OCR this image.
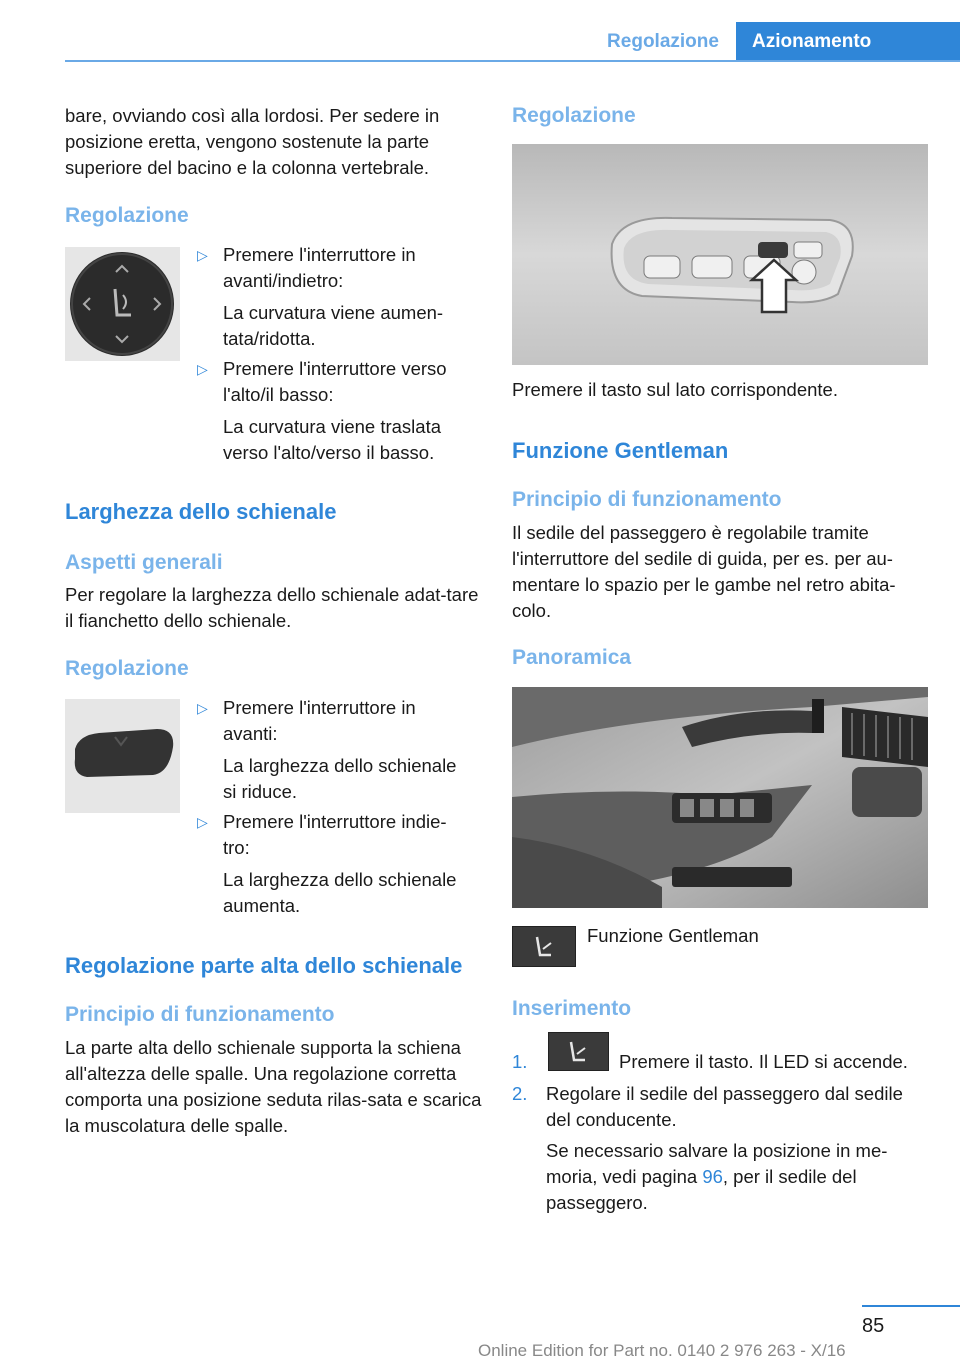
Regolazione	Azionamento
bare, ovviando così alla lordosi. Per sedere in posizione eretta, vengono sostenute la parte superiore del bacino e la colonna vertebrale.
Regolazione
▷ Premere l'interruttore in avanti/indietro:
La curvatura viene aumen‐tata/ridotta.
▷ Premere l'interruttore verso l'alto/il basso:
La curvatura viene traslata verso l'alto/verso il basso.
Larghezza dello schienale
Aspetti generali
Per regolare la larghezza dello schienale adat‐tare il fianchetto dello schienale.
Regolazione
▷ Premere l'interruttore in avanti:
La larghezza dello schienale si riduce.
▷ Premere l'interruttore indie‐tro:
La larghezza dello schienale aumenta.
Regolazione parte alta dello schienale
Principio di funzionamento
La parte alta dello schienale supporta la schiena all'altezza delle spalle. Una regolazione corretta comporta una posizione seduta rilas‐sata e scarica la muscolatura delle spalle.
Regolazione
Premere il tasto sul lato corrispondente.
Funzione Gentleman
Principio di funzionamento
Il sedile del passeggero è regolabile tramite l'interruttore del sedile di guida, per es. per au‐mentare lo spazio per le gambe nel retro abita‐colo.
Panoramica
Funzione Gentleman
Inserimento
1.	Premere il tasto. Il LED si accende.
2. Regolare il sedile del passeggero dal sedile del conducente.
Se necessario salvare la posizione in me‐moria, vedi pagina 96, per il sedile del passeggero.
85
Online Edition for Part no. 0140 2 976 263 - X/16
